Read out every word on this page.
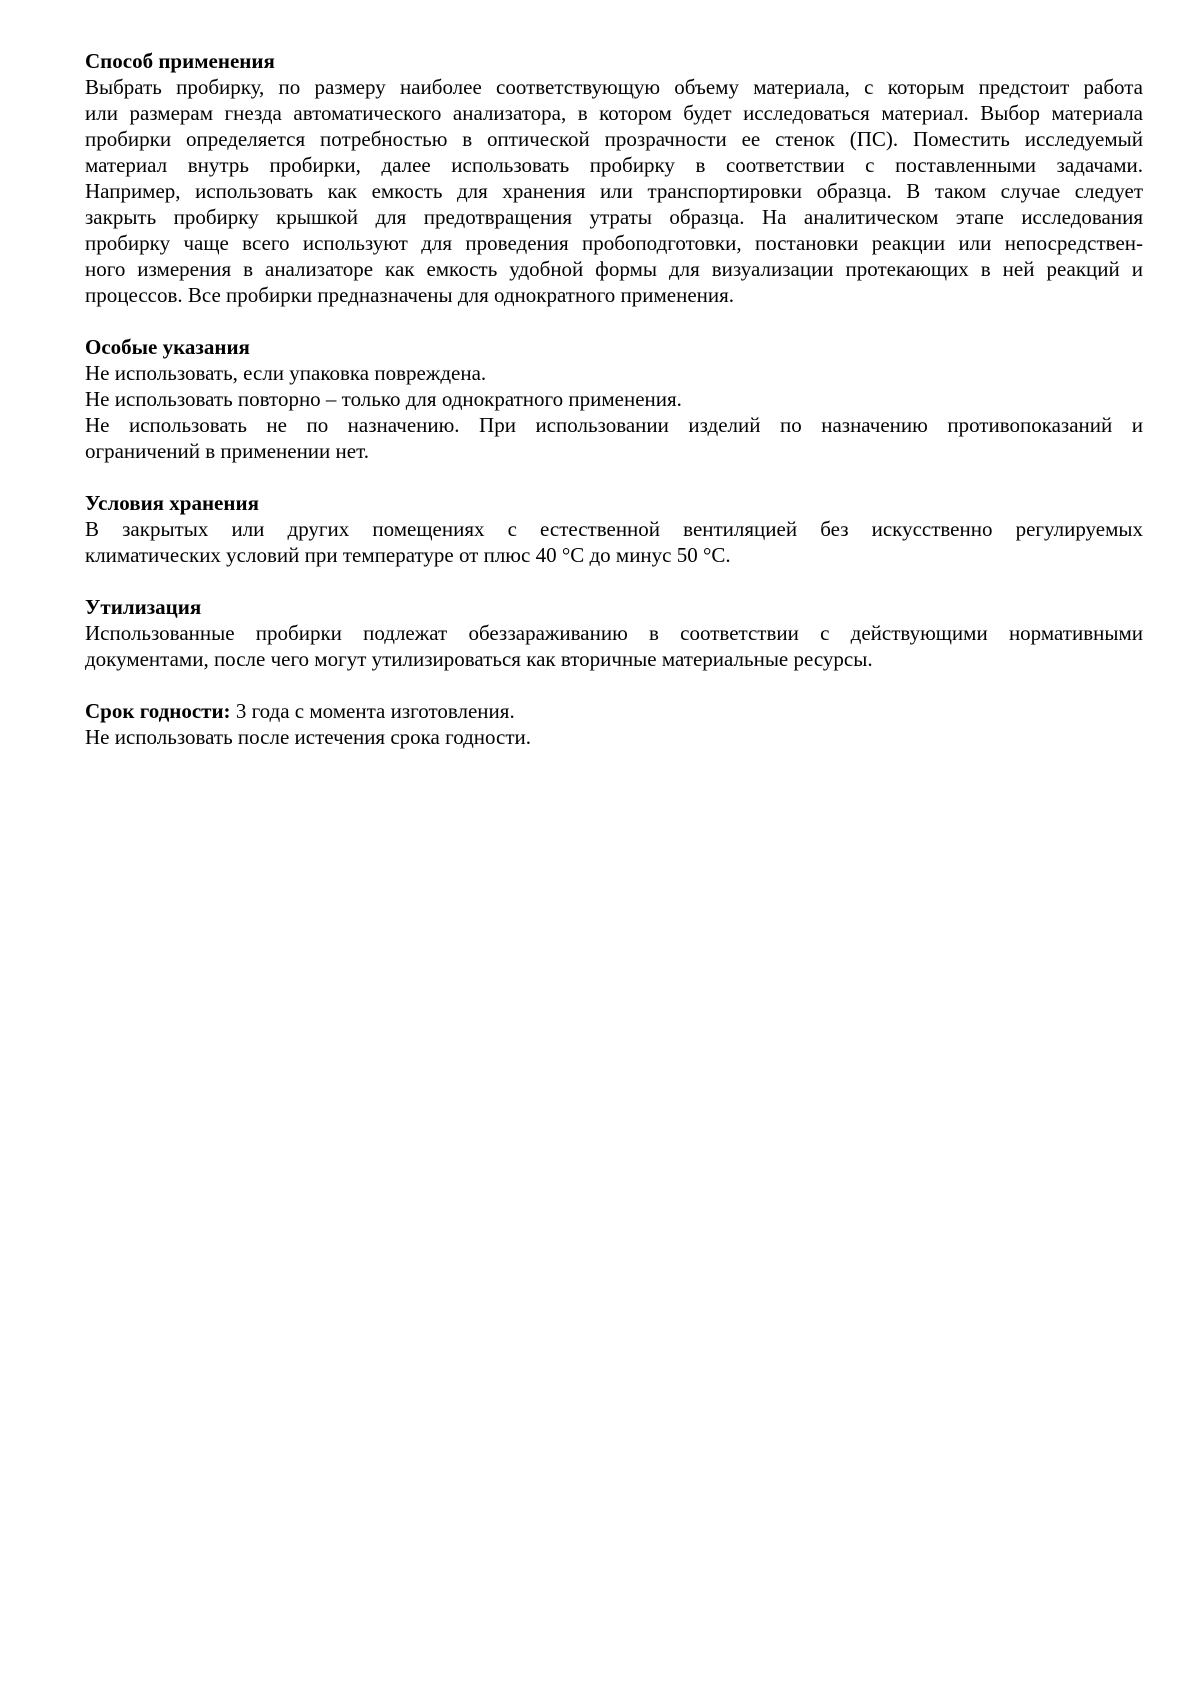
Способ применения
Выбрать пробирку, по размеру наиболее соответствующую объему материала, с которым предстоит работа
или размерам гнезда автоматического анализатора, в котором будет исследоваться материал. Выбор материала
пробирки определяется потребностью в оптической прозрачности ее стенок (ПС). Поместить исследуемый
материал внутрь пробирки, далее использовать пробирку в соответствии с поставленными задачами.
Например, использовать как емкость для хранения или транспортировки образца. В таком случае следует
закрыть пробирку крышкой для предотвращения утраты образца. На аналитическом этапе исследования
пробирку чаще всего используют для проведения пробоподготовки, постановки реакции или непосредствен-
ного измерения в анализаторе как емкость удобной формы для визуализации протекающих в ней реакций и
процессов. Все пробирки предназначены для однократного применения.
Особые указания
Не использовать, если упаковка повреждена.
Не использовать повторно – только для однократного применения.
Не использовать не по назначению. При использовании изделий по назначению противопоказаний и
ограничений в применении нет.
Условия хранения
В закрытых или других помещениях с естественной вентиляцией без искусственно регулируемых
климатических условий при температуре от плюс 40 °С до минус 50 °С.
Утилизация
Использованные пробирки подлежат обеззараживанию в соответствии с действующими нормативными
документами, после чего могут утилизироваться как вторичные материальные ресурсы.
Срок годности: 3 года с момента изготовления.
Не использовать после истечения срока годности.
